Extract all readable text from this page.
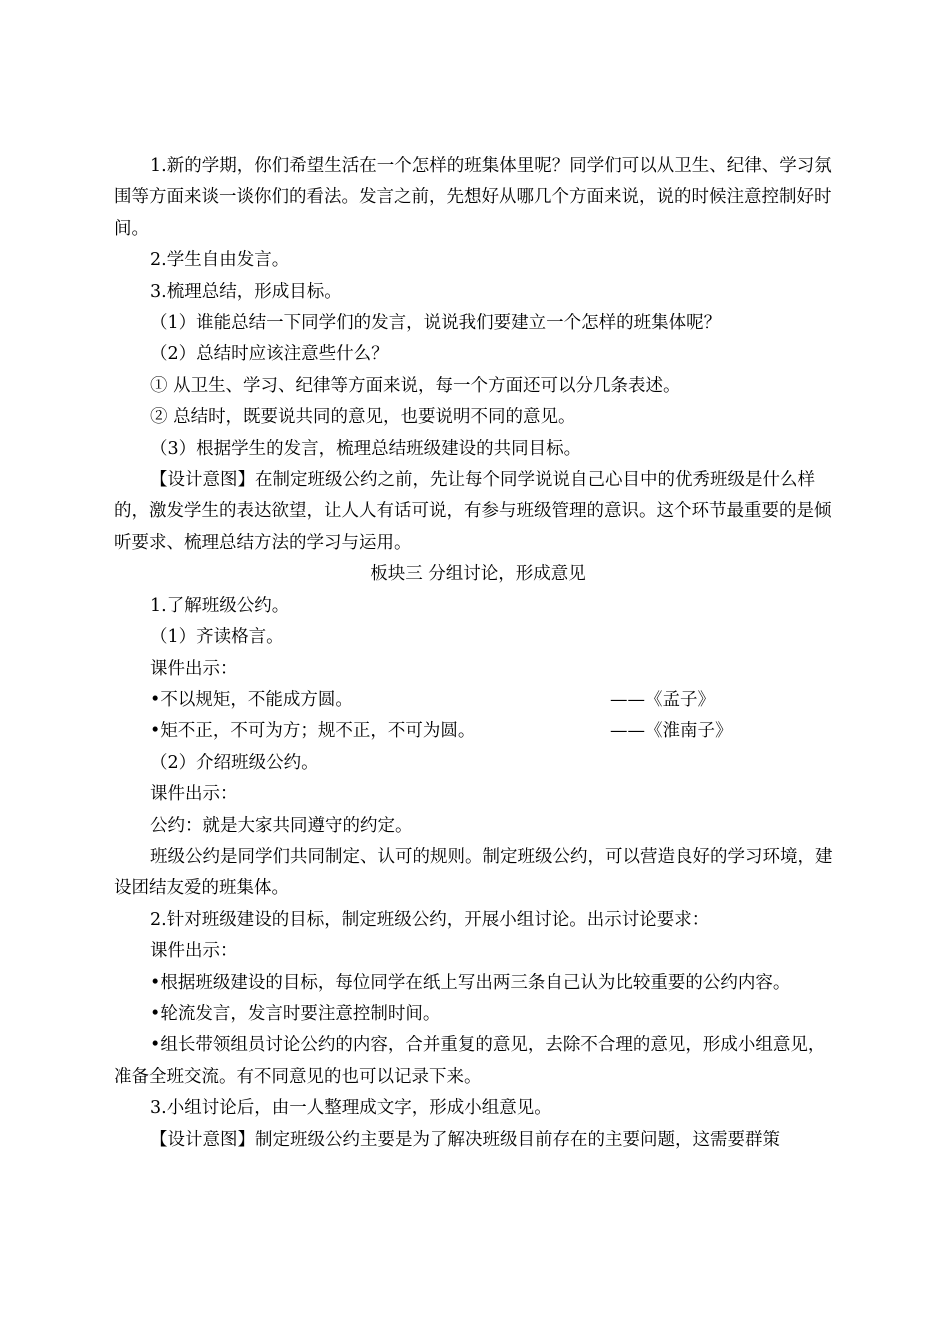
1.新的学期，你们希望生活在一个怎样的班集体里呢？同学们可以从卫生、纪律、学习氛围等方面来谈一谈你们的看法。发言之前，先想好从哪几个方面来说，说的时候注意控制好时间。

2.学生自由发言。

3.梳理总结，形成目标。

（1）谁能总结一下同学们的发言，说说我们要建立一个怎样的班集体呢？

（2）总结时应该注意些什么？

① 从卫生、学习、纪律等方面来说，每一个方面还可以分几条表述。

② 总结时，既要说共同的意见，也要说明不同的意见。

（3）根据学生的发言，梳理总结班级建设的共同目标。

【设计意图】在制定班级公约之前，先让每个同学说说自己心目中的优秀班级是什么样的，激发学生的表达欲望，让人人有话可说，有参与班级管理的意识。这个环节最重要的是倾听要求、梳理总结方法的学习与运用。

板块三 分组讨论，形成意见

1.了解班级公约。

（1）齐读格言。

课件出示：

•不以规矩，不能成方圆。	——《孟子》
•矩不正，不可为方；规不正，不可为圆。	——《淮南子》

（2）介绍班级公约。

课件出示：

公约：就是大家共同遵守的约定。

班级公约是同学们共同制定、认可的规则。制定班级公约，可以营造良好的学习环境，建设团结友爱的班集体。

2.针对班级建设的目标，制定班级公约，开展小组讨论。出示讨论要求：

课件出示：

•根据班级建设的目标，每位同学在纸上写出两三条自己认为比较重要的公约内容。

•轮流发言，发言时要注意控制时间。

•组长带领组员讨论公约的内容，合并重复的意见，去除不合理的意见，形成小组意见，准备全班交流。有不同意见的也可以记录下来。

3.小组讨论后，由一人整理成文字，形成小组意见。

【设计意图】制定班级公约主要是为了解决班级目前存在的主要问题，这需要群策
